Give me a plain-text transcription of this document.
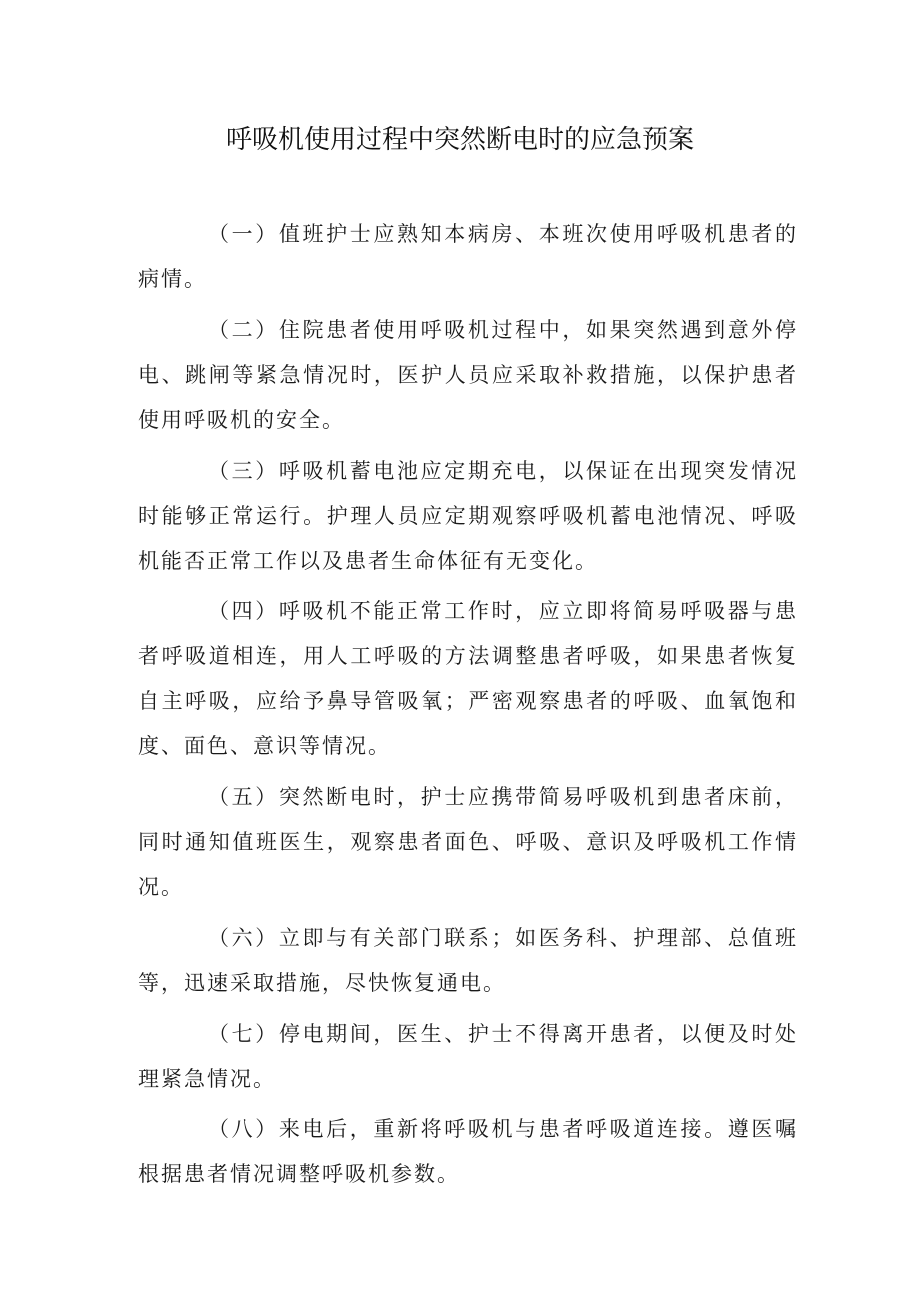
呼吸机使用过程中突然断电时的应急预案

（一）值班护士应熟知本病房、本班次使用呼吸机患者的病情。

（二）住院患者使用呼吸机过程中，如果突然遇到意外停电、跳闸等紧急情况时，医护人员应采取补救措施，以保护患者使用呼吸机的安全。

（三）呼吸机蓄电池应定期充电，以保证在出现突发情况时能够正常运行。护理人员应定期观察呼吸机蓄电池情况、呼吸机能否正常工作以及患者生命体征有无变化。

（四）呼吸机不能正常工作时，应立即将简易呼吸器与患者呼吸道相连，用人工呼吸的方法调整患者呼吸，如果患者恢复自主呼吸，应给予鼻导管吸氧；严密观察患者的呼吸、血氧饱和度、面色、意识等情况。

（五）突然断电时，护士应携带简易呼吸机到患者床前，同时通知值班医生，观察患者面色、呼吸、意识及呼吸机工作情况。

（六）立即与有关部门联系；如医务科、护理部、总值班等，迅速采取措施，尽快恢复通电。

（七）停电期间，医生、护士不得离开患者，以便及时处理紧急情况。

（八）来电后，重新将呼吸机与患者呼吸道连接。遵医嘱根据患者情况调整呼吸机参数。
